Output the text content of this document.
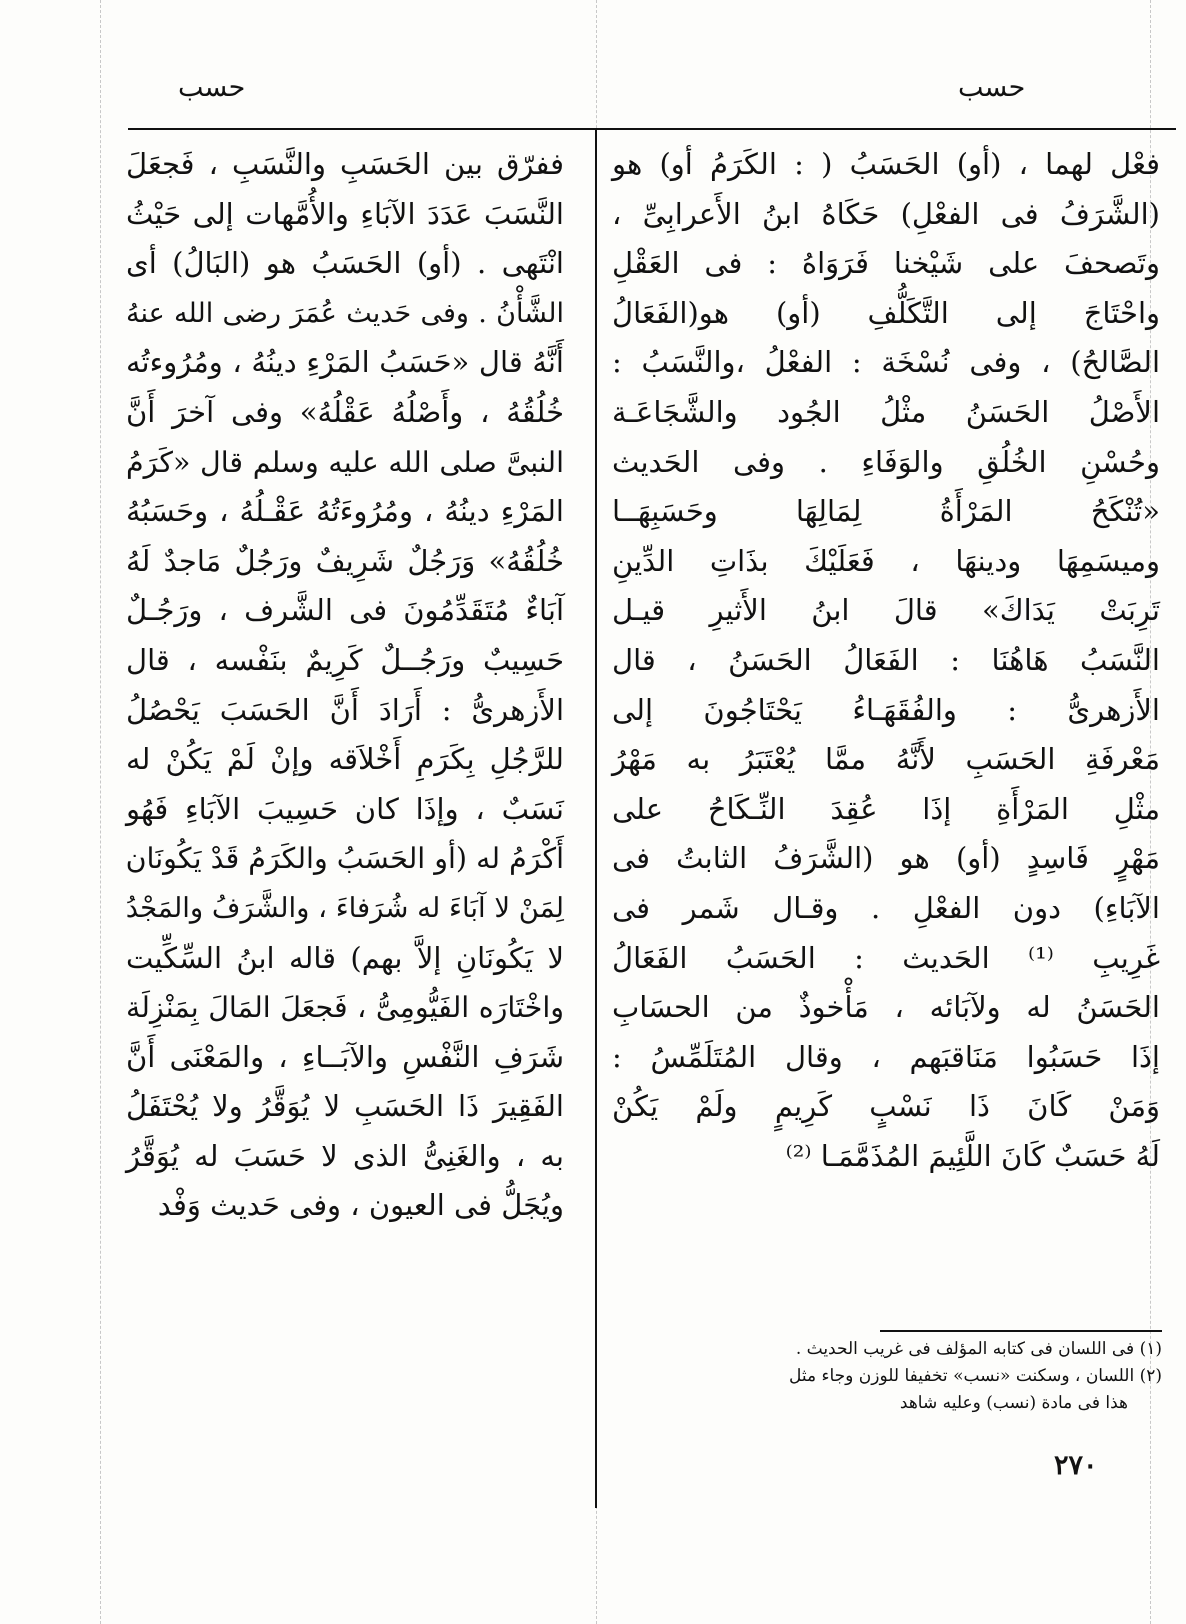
حسب	حسب
فعْل لهما ، (أو) الحَسَبُ ( : الكَرَمُ أو) هو
(الشَّرَفُ فى الفعْلِ) حَكَاهُ ابنُ الأَعرابِىِّ ،
وتَصحفَ على شَيْخنا فَرَوَاهُ : فى العَقْلِ
واحْتَاجَ إلى التَّكَلُّفِ (أو) هو(الفَعَالُ
الصَّالحُ) ، وفى نُسْخَة : الفعْلُ ،والنَّسَبُ :
الأَصْلُ الحَسَنُ مثْلُ الجُود والشَّجَاعَـة
وحُسْنِ الخُلُقِ والوَفَاءِ . وفى الحَديث
«تُنْكَحُ المَرْأَةُ لِمَالِهَا وحَسَبِهَــا
وميسَمِهَا ودينهَا ، فَعَلَيْكَ بذَاتِ الدِّينِ
تَرِبَتْ يَدَاكَ» قالَ ابنُ الأَثيرِ قيـل
النَّسَبُ هَاهُنَا : الفَعَالُ الحَسَنُ ، قال
الأَزهرىُّ : والفُقَهَـاءُ يَحْتَاجُونَ إلى
مَعْرفَةِ الحَسَبِ لأَنَّهُ ممَّا يُعْتَبَرُ به مَهْرُ
مثْلِ المَرْأَةِ إذَا عُقِدَ النِّـكَاحُ على
مَهْرٍ فَاسِدٍ (أو) هو (الشَّرَفُ الثابتُ فى
الآبَاءِ) دون الفعْلِ . وقـال شَمر فى
غَرِيبِ ⁽¹⁾ الحَديث : الحَسَبُ الفَعَالُ
الحَسَنُ له ولآبَائه ، مَأْخوذٌ من الحسَابِ
إذَا حَسَبُوا مَنَاقبَهم ، وقال المُتَلَمِّسُ :
وَمَنْ كَانَ ذَا نَسْبٍ كَرِيمٍ ولَمْ يَكُنْ
لَهُ حَسَبٌ كَانَ اللَّئِيمَ المُذَمَّمَـا ⁽²⁾
ففرّق بين الحَسَبِ والنَّسَبِ ، فَجعَلَ
النَّسَبَ عَدَدَ الآبَاءِ والأُمَّهات إلى حَيْثُ
انْتَهى . (أو) الحَسَبُ هو (البَالُ) أى
الشَّأْنُ . وفى حَديث عُمَرَ رضى الله عنهُ
أَنَّهُ قال «حَسَبُ المَرْءِ دينُهُ ، ومُرُوءتُه
خُلُقُهُ ، وأَصْلُهُ عَقْلُهُ» وفى آخرَ أَنَّ
النبىَّ صلى الله عليه وسلم قال «كَرَمُ
المَرْءِ دينُهُ ، ومُرُوءَتُهُ عَقْـلُهُ ، وحَسَبُهُ
خُلُقُهُ» وَرَجُلٌ شَرِيفٌ ورَجُلٌ مَاجدٌ لَهُ
آبَاءٌ مُتَقَدِّمُونَ فى الشَّرف ، ورَجُـلٌ
حَسِيبٌ ورَجُــلٌ كَرِيمٌ بنَفْسه ، قال
الأَزهرىُّ : أَرَادَ أَنَّ الحَسَبَ يَحْصُلُ
للرَّجُلِ بِكَرَمِ أَخْلاَقه وإنْ لَمْ يَكُنْ له
نَسَبٌ ، وإذَا كان حَسِيبَ الآبَاءِ فَهُو
أَكْرَمُ له (أو الحَسَبُ والكَرَمُ قَدْ يَكُونَان
لِمَنْ لا آبَاءَ له شُرَفاءَ ، والشَّرَفُ والمَجْدُ
لا يَكُونَانِ إلاَّ بهم) قاله ابنُ السِّكِّيت
واخْتَارَه الفَيُّومِىُّ ، فَجعَلَ المَالَ بِمَنْزِلَة
شَرَفِ النَّفْسِ والآبَــاءِ ، والمَعْنَى أَنَّ
الفَقِيرَ ذَا الحَسَبِ لا يُوَقَّرُ ولا يُحْتَفَلُ
به ، والغَنِىُّ الذى لا حَسَبَ له يُوَقَّرُ
ويُجَلُّ فى العيون ، وفى حَديث وَفْد
(١) فى اللسان فى كتابه المؤلف فى غريب الحديث .
(٢) اللسان ، وسكنت «نسب» تخفيفا للوزن وجاء مثل
هذا فى مادة (نسب) وعليه شاهد
٢٧٠
